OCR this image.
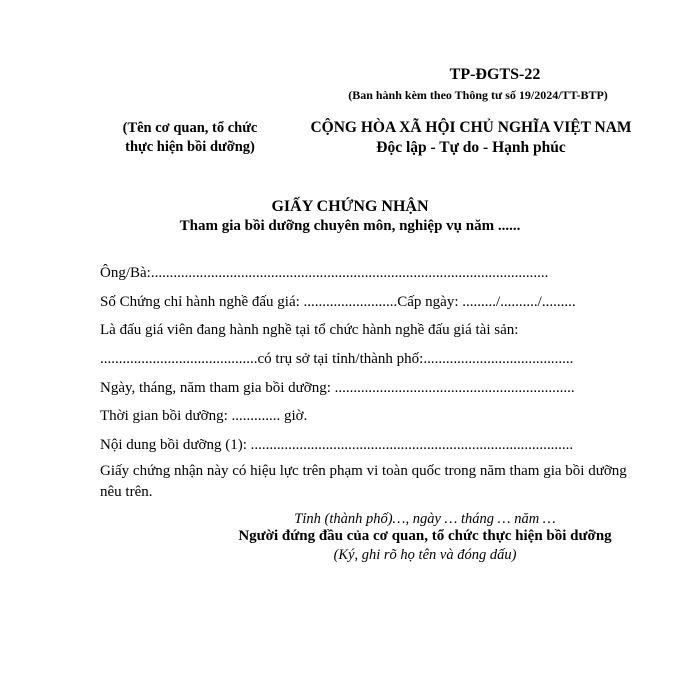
TP-ĐGTS-22
(Ban hành kèm theo Thông tư số 19/2024/TT-BTP)
(Tên cơ quan, tổ chức
thực hiện bồi dưỡng)
CỘNG HÒA XÃ HỘI CHỦ NGHĨA VIỆT NAM
Độc lập - Tự do - Hạnh phúc
GIẤY CHỨNG NHẬN
Tham gia bồi dưỡng chuyên môn, nghiệp vụ năm ......
Ông/Bà:..........................................................................................................
Số Chứng chỉ hành nghề đấu giá: .........................Cấp ngày: ........./........../.........
Là đấu giá viên đang hành nghề tại tổ chức hành nghề đấu giá tài sản:
..........................................có trụ sở tại tỉnh/thành phố:........................................
Ngày, tháng, năm tham gia bồi dưỡng: ................................................................
Thời gian bồi dưỡng: ............. giờ.
Nội dung bồi dưỡng (1): ......................................................................................
Giấy chứng nhận này có hiệu lực trên phạm vi toàn quốc trong năm tham gia bồi dưỡng nêu trên.
Tỉnh (thành phố)…, ngày … tháng … năm …
Người đứng đầu của cơ quan, tổ chức thực hiện bồi dưỡng
(Ký, ghi rõ họ tên và đóng dấu)
